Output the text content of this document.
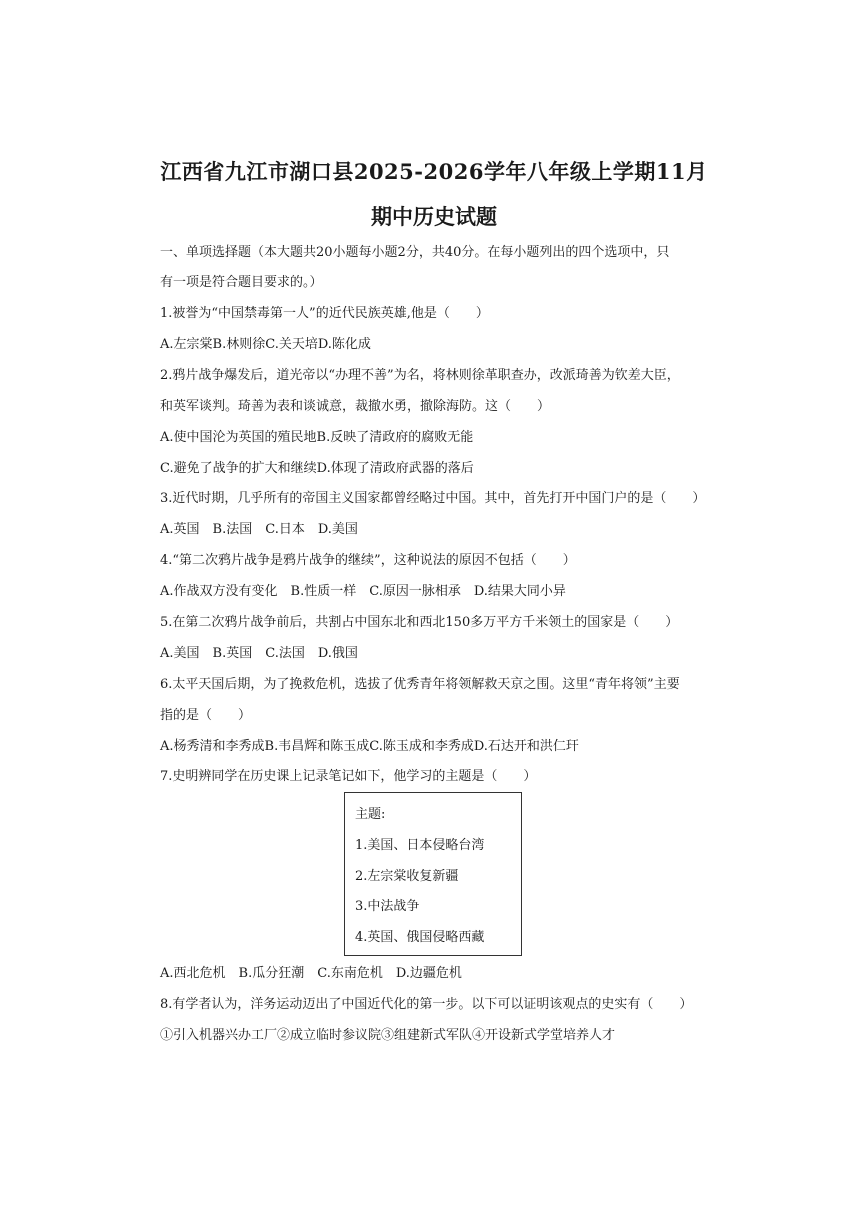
江西省九江市湖口县2025-2026学年八年级上学期11月
期中历史试题
一、单项选择题（本大题共20小题每小题2分，共40分。在每小题列出的四个选项中，只
有一项是符合题目要求的。）
1.被誉为“中国禁毒第一人”的近代民族英雄,他是（　　）
A.左宗棠B.林则徐C.关天培D.陈化成
2.鸦片战争爆发后，道光帝以“办理不善”为名，将林则徐革职查办，改派琦善为钦差大臣，
和英军谈判。琦善为表和谈诚意，裁撤水勇，撤除海防。这（　　）
A.使中国沦为英国的殖民地B.反映了清政府的腐败无能
C.避免了战争的扩大和继续D.体现了清政府武器的落后
3.近代时期，几乎所有的帝国主义国家都曾经略过中国。其中，首先打开中国门户的是（　　）
A.英国　B.法国　C.日本　D.美国
4.“第二次鸦片战争是鸦片战争的继续”，这种说法的原因不包括（　　）
A.作战双方没有变化　B.性质一样　C.原因一脉相承　D.结果大同小异
5.在第二次鸦片战争前后，共割占中国东北和西北150多万平方千米领土的国家是（　　）
A.美国　B.英国　C.法国　D.俄国
6.太平天国后期，为了挽救危机，选拔了优秀青年将领解救天京之围。这里“青年将领”主要
指的是（　　）
A.杨秀清和李秀成B.韦昌辉和陈玉成C.陈玉成和李秀成D.石达开和洪仁玕
7.史明辨同学在历史课上记录笔记如下，他学习的主题是（　　）
主题:
1.美国、日本侵略台湾
2.左宗棠收复新疆
3.中法战争
4.英国、俄国侵略西藏
A.西北危机　B.瓜分狂潮　C.东南危机　D.边疆危机
8.有学者认为，洋务运动迈出了中国近代化的第一步。以下可以证明该观点的史实有（　　）
①引入机器兴办工厂②成立临时参议院③组建新式军队④开设新式学堂培养人才
